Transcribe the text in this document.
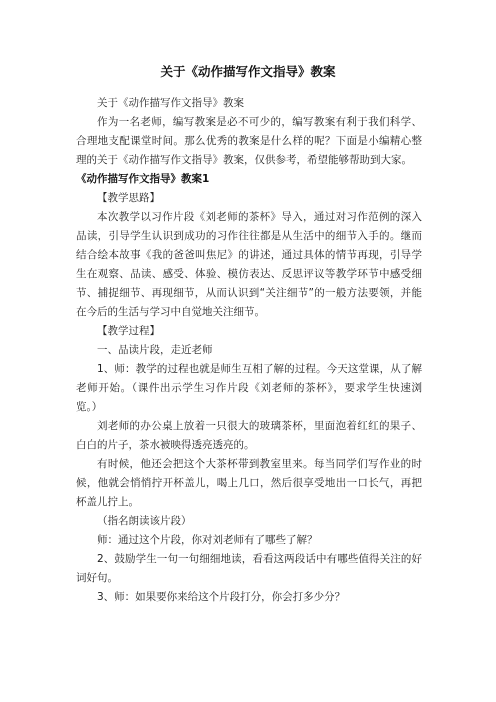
关于《动作描写作文指导》教案

关于《动作描写作文指导》教案

作为一名老师，编写教案是必不可少的，编写教案有利于我们科学、合理地支配课堂时间。那么优秀的教案是什么样的呢？下面是小编精心整理的关于《动作描写作文指导》教案，仅供参考，希望能够帮助到大家。

《动作描写作文指导》教案1

【教学思路】

本次教学以习作片段《刘老师的茶杯》导入，通过对习作范例的深入品读，引导学生认识到成功的习作往往都是从生活中的细节入手的。继而结合绘本故事《我的爸爸叫焦尼》的讲述，通过具体的情节再现，引导学生在观察、品读、感受、体验、模仿表达、反思评议等教学环节中感受细节、捕捉细节、再现细节，从而认识到“关注细节”的一般方法要领，并能在今后的生活与学习中自觉地关注细节。

【教学过程】

一、品读片段，走近老师

1、师：教学的过程也就是师生互相了解的过程。今天这堂课，从了解老师开始。（课件出示学生习作片段《刘老师的茶杯》，要求学生快速浏览。）

刘老师的办公桌上放着一只很大的玻璃茶杯，里面泡着红红的果子、白白的片子，茶水被映得透亮透亮的。

有时候，他还会把这个大茶杯带到教室里来。每当同学们写作业的时候，他就会悄悄拧开杯盖儿，喝上几口，然后很享受地出一口长气，再把杯盖儿拧上。

（指名朗读该片段）

师：通过这个片段，你对刘老师有了哪些了解？

2、鼓励学生一句一句细细地读，看看这两段话中有哪些值得关注的好词好句。

3、师：如果要你来给这个片段打分，你会打多少分？
